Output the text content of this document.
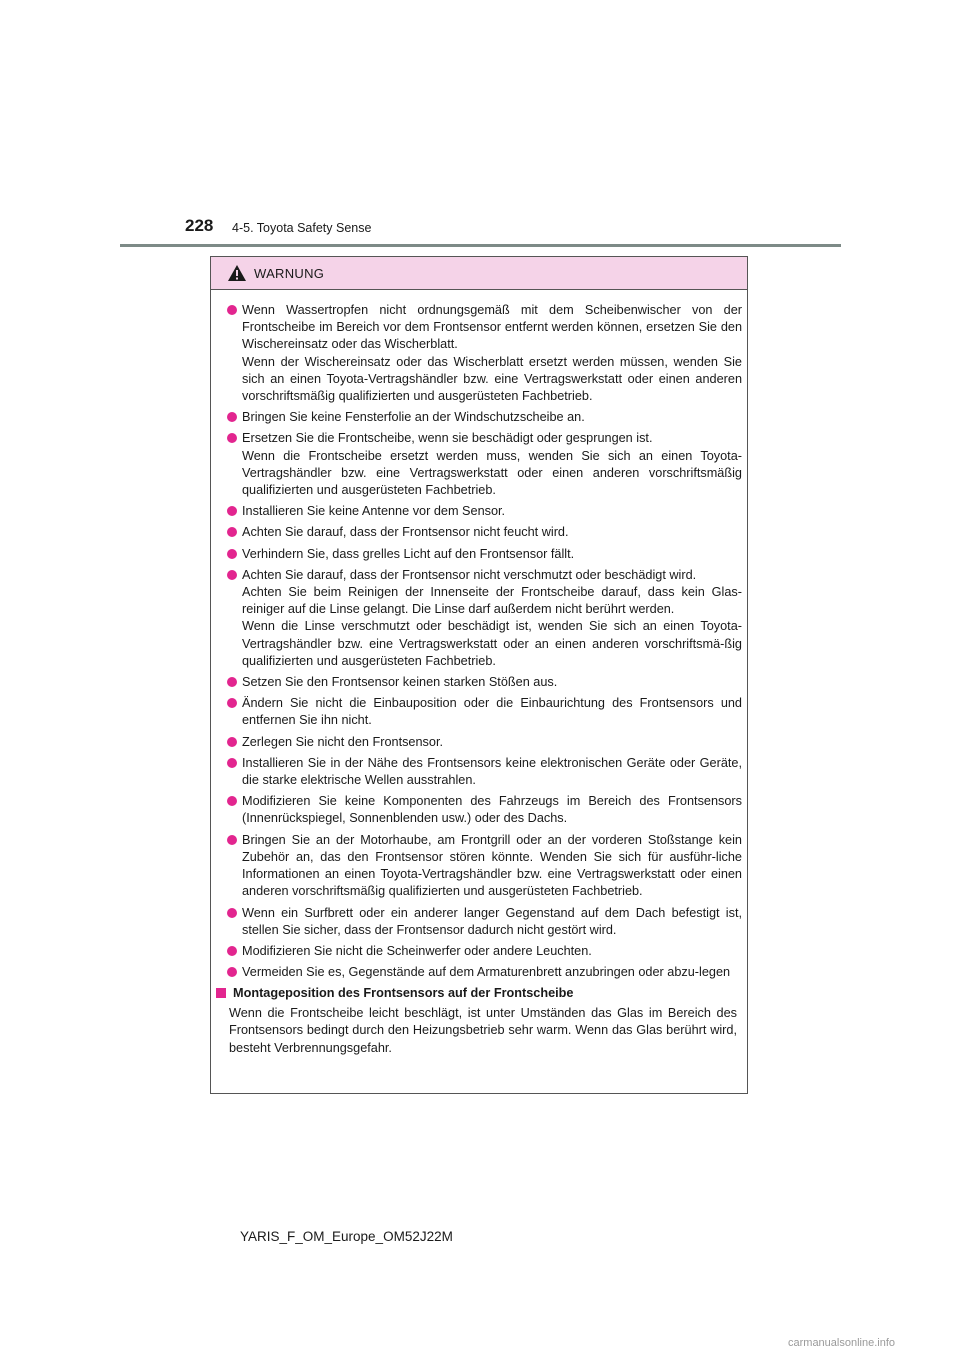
228 4-5. Toyota Safety Sense
WARNUNG

Wenn Wassertropfen nicht ordnungsgemäß mit dem Scheibenwischer von der Frontscheibe im Bereich vor dem Frontsensor entfernt werden können, ersetzen Sie den Wischereinsatz oder das Wischerblatt.

Wenn der Wischereinsatz oder das Wischerblatt ersetzt werden müssen, wenden Sie sich an einen Toyota-Vertragshändler bzw. eine Vertragswerkstatt oder einen anderen vorschriftsmäßig qualifizierten und ausgerüsteten Fachbetrieb.

Bringen Sie keine Fensterfolie an der Windschutzscheibe an.

Ersetzen Sie die Frontscheibe, wenn sie beschädigt oder gesprungen ist.

Wenn die Frontscheibe ersetzt werden muss, wenden Sie sich an einen Toyota-Vertragshändler bzw. eine Vertragswerkstatt oder einen anderen vorschriftsmäßig qualifizierten und ausgerüsteten Fachbetrieb.

Installieren Sie keine Antenne vor dem Sensor.

Achten Sie darauf, dass der Frontsensor nicht feucht wird.

Verhindern Sie, dass grelles Licht auf den Frontsensor fällt.

Achten Sie darauf, dass der Frontsensor nicht verschmutzt oder beschädigt wird.

Achten Sie beim Reinigen der Innenseite der Frontscheibe darauf, dass kein Glas-reiniger auf die Linse gelangt. Die Linse darf außerdem nicht berührt werden.

Wenn die Linse verschmutzt oder beschädigt ist, wenden Sie sich an einen Toyota-Vertragshändler bzw. eine Vertragswerkstatt oder an einen anderen vorschriftsmä-ßig qualifizierten und ausgerüsteten Fachbetrieb.

Setzen Sie den Frontsensor keinen starken Stößen aus.

Ändern Sie nicht die Einbauposition oder die Einbaurichtung des Frontsensors und entfernen Sie ihn nicht.

Zerlegen Sie nicht den Frontsensor.

Installieren Sie in der Nähe des Frontsensors keine elektronischen Geräte oder Geräte, die starke elektrische Wellen ausstrahlen.

Modifizieren Sie keine Komponenten des Fahrzeugs im Bereich des Frontsensors (Innenrückspiegel, Sonnenblenden usw.) oder des Dachs.

Bringen Sie an der Motorhaube, am Frontgrill oder an der vorderen Stoßstange kein Zubehör an, das den Frontsensor stören könnte. Wenden Sie sich für ausführ-liche Informationen an einen Toyota-Vertragshändler bzw. eine Vertragswerkstatt oder einen anderen vorschriftsmäßig qualifizierten und ausgerüsteten Fachbetrieb.

Wenn ein Surfbrett oder ein anderer langer Gegenstand auf dem Dach befestigt ist, stellen Sie sicher, dass der Frontsensor dadurch nicht gestört wird.

Modifizieren Sie nicht die Scheinwerfer oder andere Leuchten.

Vermeiden Sie es, Gegenstände auf dem Armaturenbrett anzubringen oder abzu-legen

Montageposition des Frontsensors auf der Frontscheibe

Wenn die Frontscheibe leicht beschlägt, ist unter Umständen das Glas im Bereich des Frontsensors bedingt durch den Heizungsbetrieb sehr warm. Wenn das Glas berührt wird, besteht Verbrennungsgefahr.

YARIS_F_OM_Europe_OM52J22M
carmanualsonline.info
